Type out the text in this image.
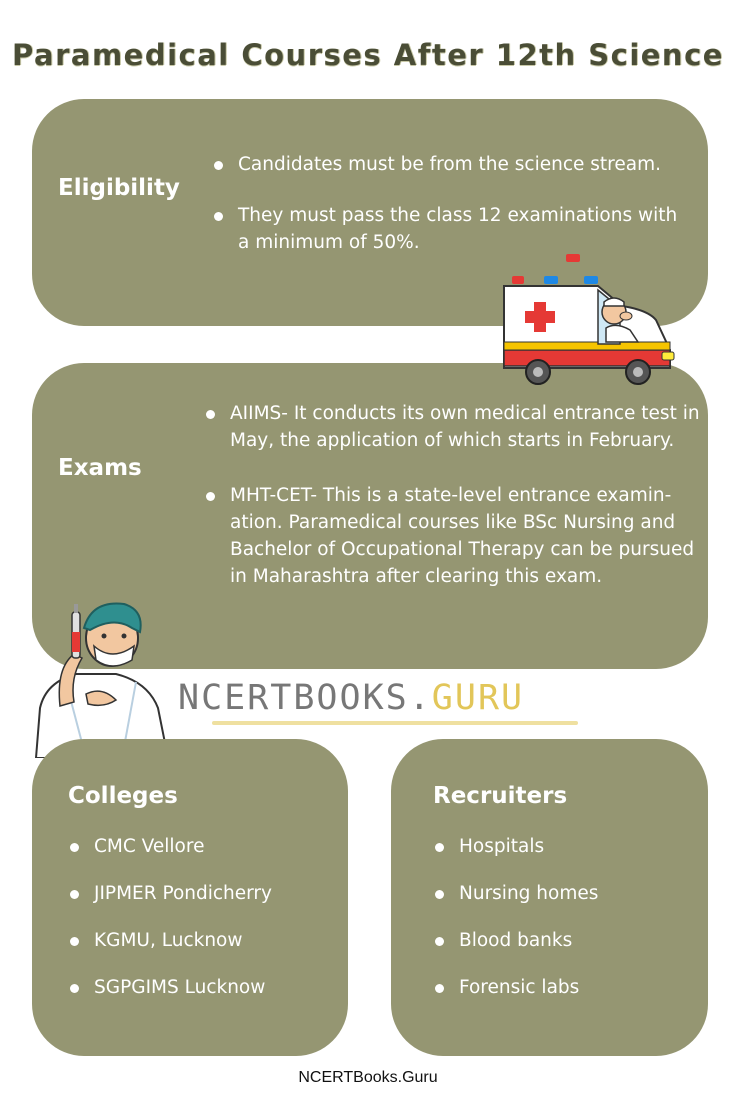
Paramedical Courses After 12th Science
Eligibility
Candidates must be from the science stream.
They must pass the class 12 examinations with a minimum of 50%.
Exams
AIIMS- It conducts its own medical entrance test in May, the application of which starts in February.
MHT-CET- This is a state-level entrance examin-ation. Paramedical courses like BSc Nursing and Bachelor of Occupational Therapy can be pursued in Maharashtra after clearing this exam.
NCERTBOOKS.GURU
Colleges
CMC Vellore
JIPMER Pondicherry
KGMU, Lucknow
SGPGIMS Lucknow
Recruiters
Hospitals
Nursing homes
Blood banks
Forensic labs
NCERTBooks.Guru
